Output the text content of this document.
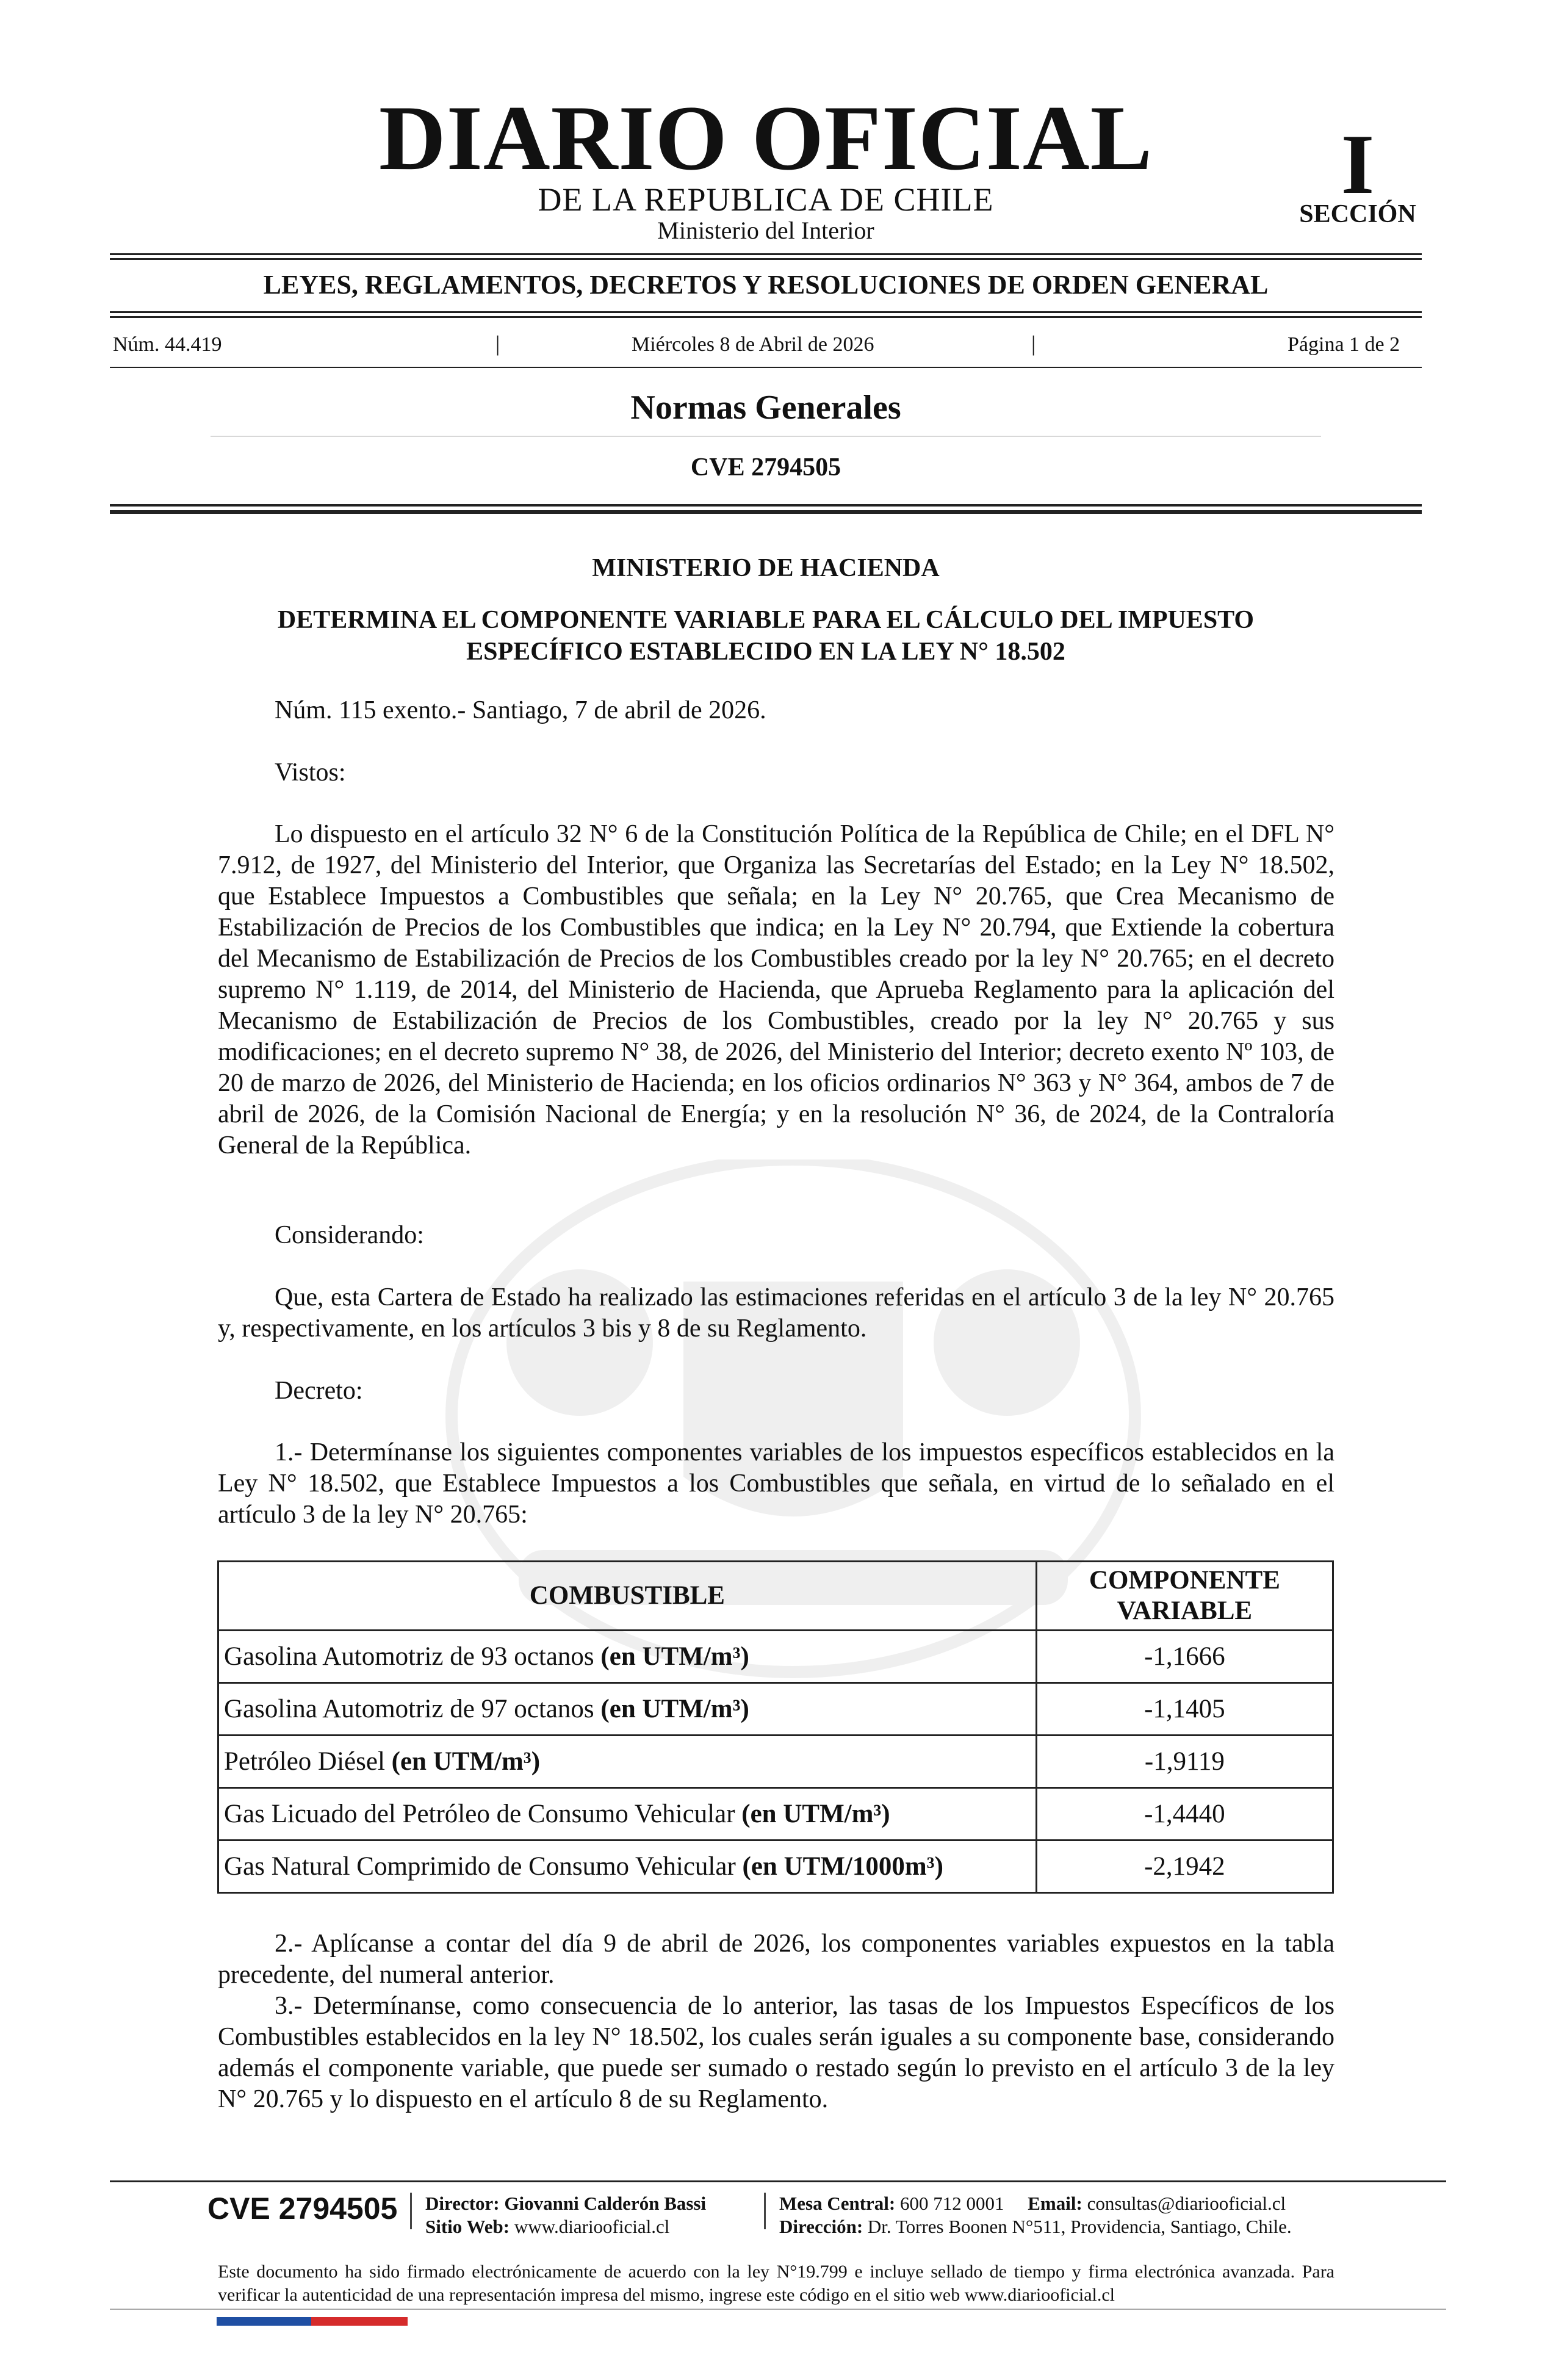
DIARIO OFICIAL
DE LA REPUBLICA DE CHILE
Ministerio del Interior
I
SECCIÓN
LEYES, REGLAMENTOS, DECRETOS Y RESOLUCIONES DE ORDEN GENERAL
Núm. 44.419	|	Miércoles 8 de Abril de 2026	|	Página 1 de 2
Normas Generales
CVE 2794505
MINISTERIO DE HACIENDA
DETERMINA EL COMPONENTE VARIABLE PARA EL CÁLCULO DEL IMPUESTO ESPECÍFICO ESTABLECIDO EN LA LEY N° 18.502
Núm. 115 exento.- Santiago, 7 de abril de 2026.
Vistos:
Lo dispuesto en el artículo 32 N° 6 de la Constitución Política de la República de Chile; en el DFL N° 7.912, de 1927, del Ministerio del Interior, que Organiza las Secretarías del Estado; en la Ley N° 18.502, que Establece Impuestos a Combustibles que señala; en la Ley N° 20.765, que Crea Mecanismo de Estabilización de Precios de los Combustibles que indica; en la Ley N° 20.794, que Extiende la cobertura del Mecanismo de Estabilización de Precios de los Combustibles creado por la ley N° 20.765; en el decreto supremo N° 1.119, de 2014, del Ministerio de Hacienda, que Aprueba Reglamento para la aplicación del Mecanismo de Estabilización de Precios de los Combustibles, creado por la ley N° 20.765 y sus modificaciones; en el decreto supremo N° 38, de 2026, del Ministerio del Interior; decreto exento Nº 103, de 20 de marzo de 2026, del Ministerio de Hacienda; en los oficios ordinarios N° 363 y N° 364, ambos de 7 de abril de 2026, de la Comisión Nacional de Energía; y en la resolución N° 36, de 2024, de la Contraloría General de la República.
Considerando:
Que, esta Cartera de Estado ha realizado las estimaciones referidas en el artículo 3 de la ley N° 20.765 y, respectivamente, en los artículos 3 bis y 8 de su Reglamento.
Decreto:
1.- Determínanse los siguientes componentes variables de los impuestos específicos establecidos en la Ley N° 18.502, que Establece Impuestos a los Combustibles que señala, en virtud de lo señalado en el artículo 3 de la ley N° 20.765:
COMBUSTIBLE	COMPONENTE VARIABLE
Gasolina Automotriz de 93 octanos (en UTM/m³)	-1,1666
Gasolina Automotriz de 97 octanos (en UTM/m³)	-1,1405
Petróleo Diésel (en UTM/m³)	-1,9119
Gas Licuado del Petróleo de Consumo Vehicular (en UTM/m³)	-1,4440
Gas Natural Comprimido de Consumo Vehicular (en UTM/1000m³)	-2,1942
2.- Aplícanse a contar del día 9 de abril de 2026, los componentes variables expuestos en la tabla precedente, del numeral anterior.
3.- Determínanse, como consecuencia de lo anterior, las tasas de los Impuestos Específicos de los Combustibles establecidos en la ley N° 18.502, los cuales serán iguales a su componente base, considerando además el componente variable, que puede ser sumado o restado según lo previsto en el artículo 3 de la ley N° 20.765 y lo dispuesto en el artículo 8 de su Reglamento.
CVE 2794505 Director: Giovanni Calderón Bassi
Sitio Web: www.diariooficial.cl
Mesa Central: 600 712 0001 Email: consultas@diariooficial.cl
Dirección: Dr. Torres Boonen N°511, Providencia, Santiago, Chile.
Este documento ha sido firmado electrónicamente de acuerdo con la ley N°19.799 e incluye sellado de tiempo y firma electrónica avanzada. Para verificar la autenticidad de una representación impresa del mismo, ingrese este código en el sitio web www.diariooficial.cl
